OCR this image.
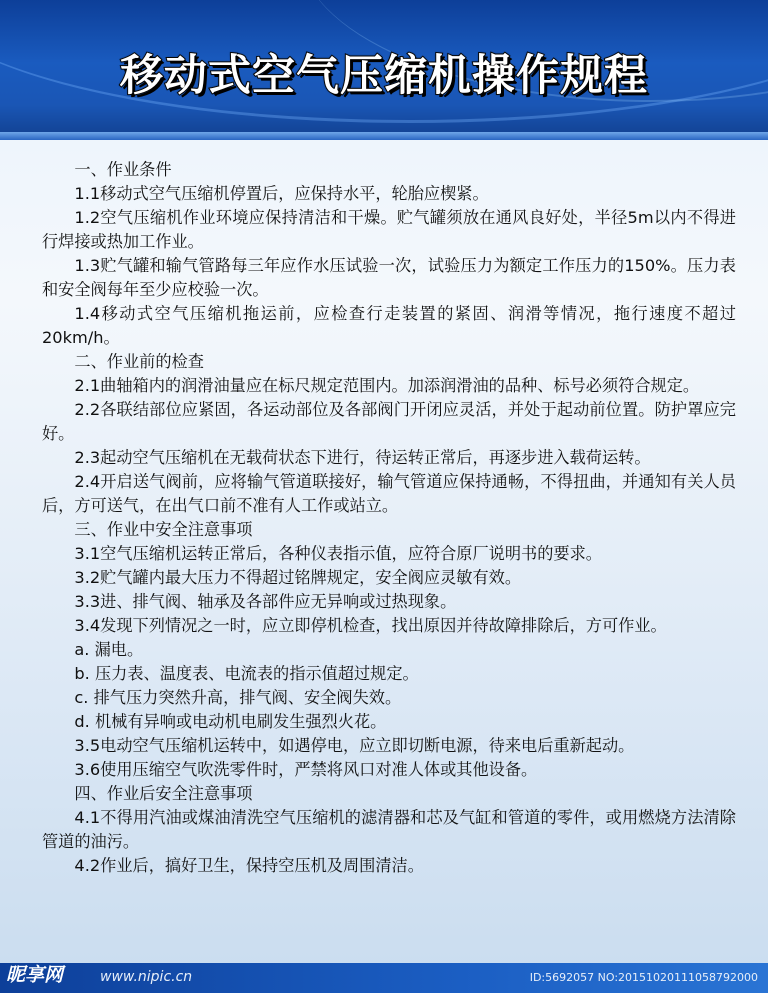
移动式空气压缩机操作规程

一、作业条件

1.1移动式空气压缩机停置后，应保持水平，轮胎应楔紧。

1.2空气压缩机作业环境应保持清洁和干燥。贮气罐须放在通风良好处，半径5m以内不得进行焊接或热加工作业。

1.3贮气罐和输气管路每三年应作水压试验一次，试验压力为额定工作压力的150%。压力表和安全阀每年至少应校验一次。

1.4移动式空气压缩机拖运前，应检查行走装置的紧固、润滑等情况，拖行速度不超过20km/h。

二、作业前的检查

2.1曲轴箱内的润滑油量应在标尺规定范围内。加添润滑油的品种、标号必须符合规定。

2.2各联结部位应紧固，各运动部位及各部阀门开闭应灵活，并处于起动前位置。防护罩应完好。

2.3起动空气压缩机在无载荷状态下进行，待运转正常后，再逐步进入载荷运转。

2.4开启送气阀前，应将输气管道联接好，输气管道应保持通畅，不得扭曲，并通知有关人员后，方可送气，在出气口前不准有人工作或站立。

三、作业中安全注意事项

3.1空气压缩机运转正常后，各种仪表指示值，应符合原厂说明书的要求。

3.2贮气罐内最大压力不得超过铭牌规定，安全阀应灵敏有效。

3.3进、排气阀、轴承及各部件应无异响或过热现象。

3.4发现下列情况之一时，应立即停机检查，找出原因并待故障排除后，方可作业。

a. 漏电。

b. 压力表、温度表、电流表的指示值超过规定。

c. 排气压力突然升高，排气阀、安全阀失效。

d. 机械有异响或电动机电刷发生强烈火花。

3.5电动空气压缩机运转中，如遇停电，应立即切断电源，待来电后重新起动。

3.6使用压缩空气吹洗零件时，严禁将风口对准人体或其他设备。

四、作业后安全注意事项

4.1不得用汽油或煤油清洗空气压缩机的滤清器和芯及气缸和管道的零件，或用燃烧方法清除管道的油污。

4.2作业后，搞好卫生，保持空压机及周围清洁。

昵享网	www.nipic.cn	ID:5692057 NO:20151020111058792000
